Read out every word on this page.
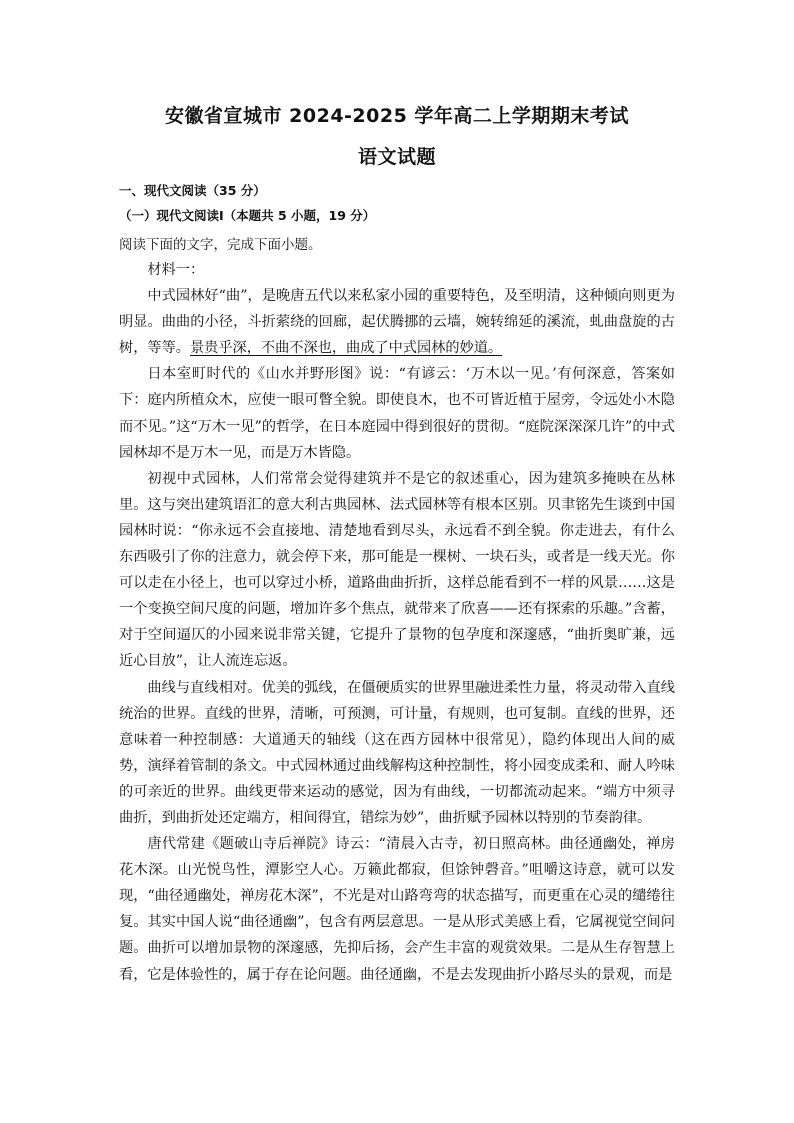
安徽省宣城市 2024-2025 学年高二上学期期末考试
语文试题
一、现代文阅读（35 分）
（一）现代文阅读Ⅰ（本题共 5 小题，19 分）
阅读下面的文字，完成下面小题。

材料一：

中式园林好“曲”，是晚唐五代以来私家小园的重要特色，及至明清，这种倾向则更为明显。曲曲的小径，斗折萦绕的回廊，起伏腾挪的云墙，婉转绵延的溪流，虬曲盘旋的古树，等等。景贵乎深，不曲不深也，曲成了中式园林的妙道。

日本室町时代的《山水并野形图》说：“有谚云：‘万木以一见。’有何深意，答案如下：庭内所植众木，应使一眼可瞥全貌。即使良木，也不可皆近植于屋旁，令远处小木隐而不见。”这“万木一见”的哲学，在日本庭园中得到很好的贯彻。“庭院深深深几许”的中式园林却不是万木一见，而是万木皆隐。

初视中式园林，人们常常会觉得建筑并不是它的叙述重心，因为建筑多掩映在丛林里。这与突出建筑语汇的意大利古典园林、法式园林等有根本区别。贝聿铭先生谈到中国园林时说：“你永远不会直接地、清楚地看到尽头，永远看不到全貌。你走进去，有什么东西吸引了你的注意力，就会停下来，那可能是一棵树、一块石头，或者是一线天光。你可以走在小径上，也可以穿过小桥，道路曲曲折折，这样总能看到不一样的风景……这是一个变换空间尺度的问题，增加许多个焦点，就带来了欣喜——还有探索的乐趣。”含蓄，对于空间逼仄的小园来说非常关键，它提升了景物的包孕度和深邃感，“曲折奥旷兼，远近心目放”，让人流连忘返。

曲线与直线相对。优美的弧线，在僵硬质实的世界里融进柔性力量，将灵动带入直线统治的世界。直线的世界，清晰，可预测，可计量，有规则，也可复制。直线的世界，还意味着一种控制感：大道通天的轴线（这在西方园林中很常见），隐约体现出人间的威势，演绎着管制的条文。中式园林通过曲线解构这种控制性，将小园变成柔和、耐人吟味的可亲近的世界。曲线更带来运动的感觉，因为有曲线，一切都流动起来。“端方中须寻曲折，到曲折处还定端方，相间得宜，错综为妙”，曲折赋予园林以特别的节奏韵律。

唐代常建《题破山寺后禅院》诗云：“清晨入古寺，初日照高林。曲径通幽处，禅房花木深。山光悦鸟性，潭影空人心。万籁此都寂，但馀钟磬音。”咀嚼这诗意，就可以发现，“曲径通幽处，禅房花木深”，不光是对山路弯弯的状态描写，而更重在心灵的缱绻往复。其实中国人说“曲径通幽”，包含有两层意思。一是从形式美感上看，它属视觉空间问题。曲折可以增加景物的深邃感，先抑后扬，会产生丰富的观赏效果。二是从生存智慧上看，它是体验性的，属于存在论问题。曲径通幽，不是去发现曲折小路尽头的景观，而是
